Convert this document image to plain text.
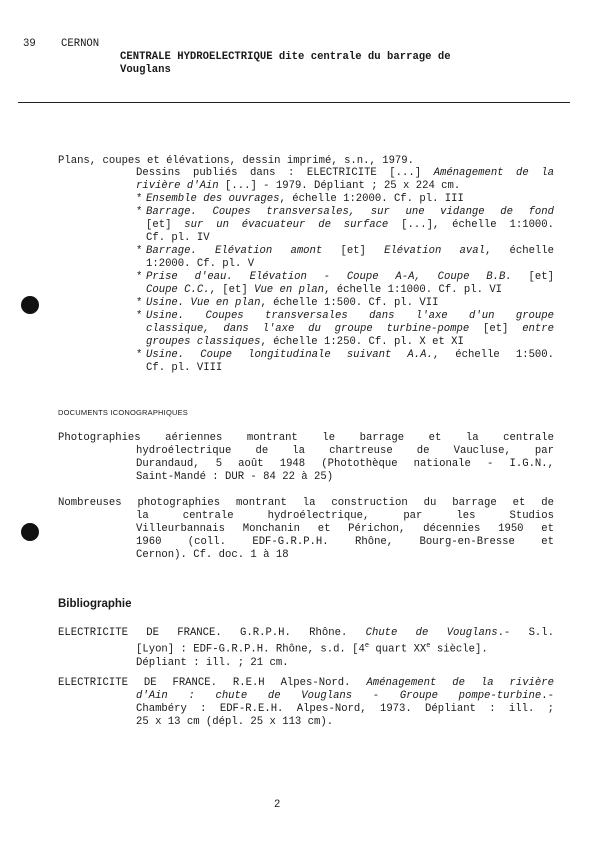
39 CERNON
CENTRALE HYDROELECTRIQUE dite centrale du barrage de
Vouglans
Plans, coupes et élévations, dessin imprimé, s.n., 1979.
Dessins publiés dans : ELECTRICITE [...] Aménagement de la
rivière d'Ain [...] - 1979. Dépliant ; 25 x 224 cm.
* Ensemble des ouvrages, échelle 1:2000. Cf. pl. III
* Barrage. Coupes transversales, sur une vidange de fond
[et] sur un évacuateur de surface [...], échelle 1:1000.
Cf. pl. IV
* Barrage. Elévation amont [et] Elévation aval, échelle
1:2000. Cf. pl. V
* Prise d'eau. Elévation - Coupe A-A, Coupe B.B. [et]
Coupe C.C., [et] Vue en plan, échelle 1:1000. Cf. pl. VI
* Usine. Vue en plan, échelle 1:500. Cf. pl. VII
* Usine. Coupes transversales dans l'axe d'un groupe
classique, dans l'axe du groupe turbine-pompe [et] entre
groupes classiques, échelle 1:250. Cf. pl. X et XI
* Usine. Coupe longitudinale suivant A.A., échelle 1:500.
Cf. pl. VIII
DOCUMENTS ICONOGRAPHIQUES
Photographies aériennes montrant le barrage et la centrale
hydroélectrique de la chartreuse de Vaucluse, par
Durandaud, 5 août 1948 (Photothèque nationale - I.G.N.,
Saint-Mandé : DUR - 84 22 à 25)
Nombreuses photographies montrant la construction du barrage et de
la centrale hydroélectrique, par les Studios
Villeurbannais Monchanin et Périchon, décennies 1950 et
1960 (coll. EDF-G.R.P.H. Rhône, Bourg-en-Bresse et
Cernon). Cf. doc. 1 à 18
Bibliographie
ELECTRICITE DE FRANCE. G.R.P.H. Rhône. Chute de Vouglans.- S.l.
[Lyon] : EDF-G.R.P.H. Rhône, s.d. [4e quart XXe siècle].
Dépliant : ill. ; 21 cm.
ELECTRICITE DE FRANCE. R.E.H Alpes-Nord. Aménagement de la rivière
d'Ain : chute de Vouglans - Groupe pompe-turbine.-
Chambéry : EDF-R.E.H. Alpes-Nord, 1973. Dépliant : ill. ;
25 x 13 cm (dépl. 25 x 113 cm).
2
